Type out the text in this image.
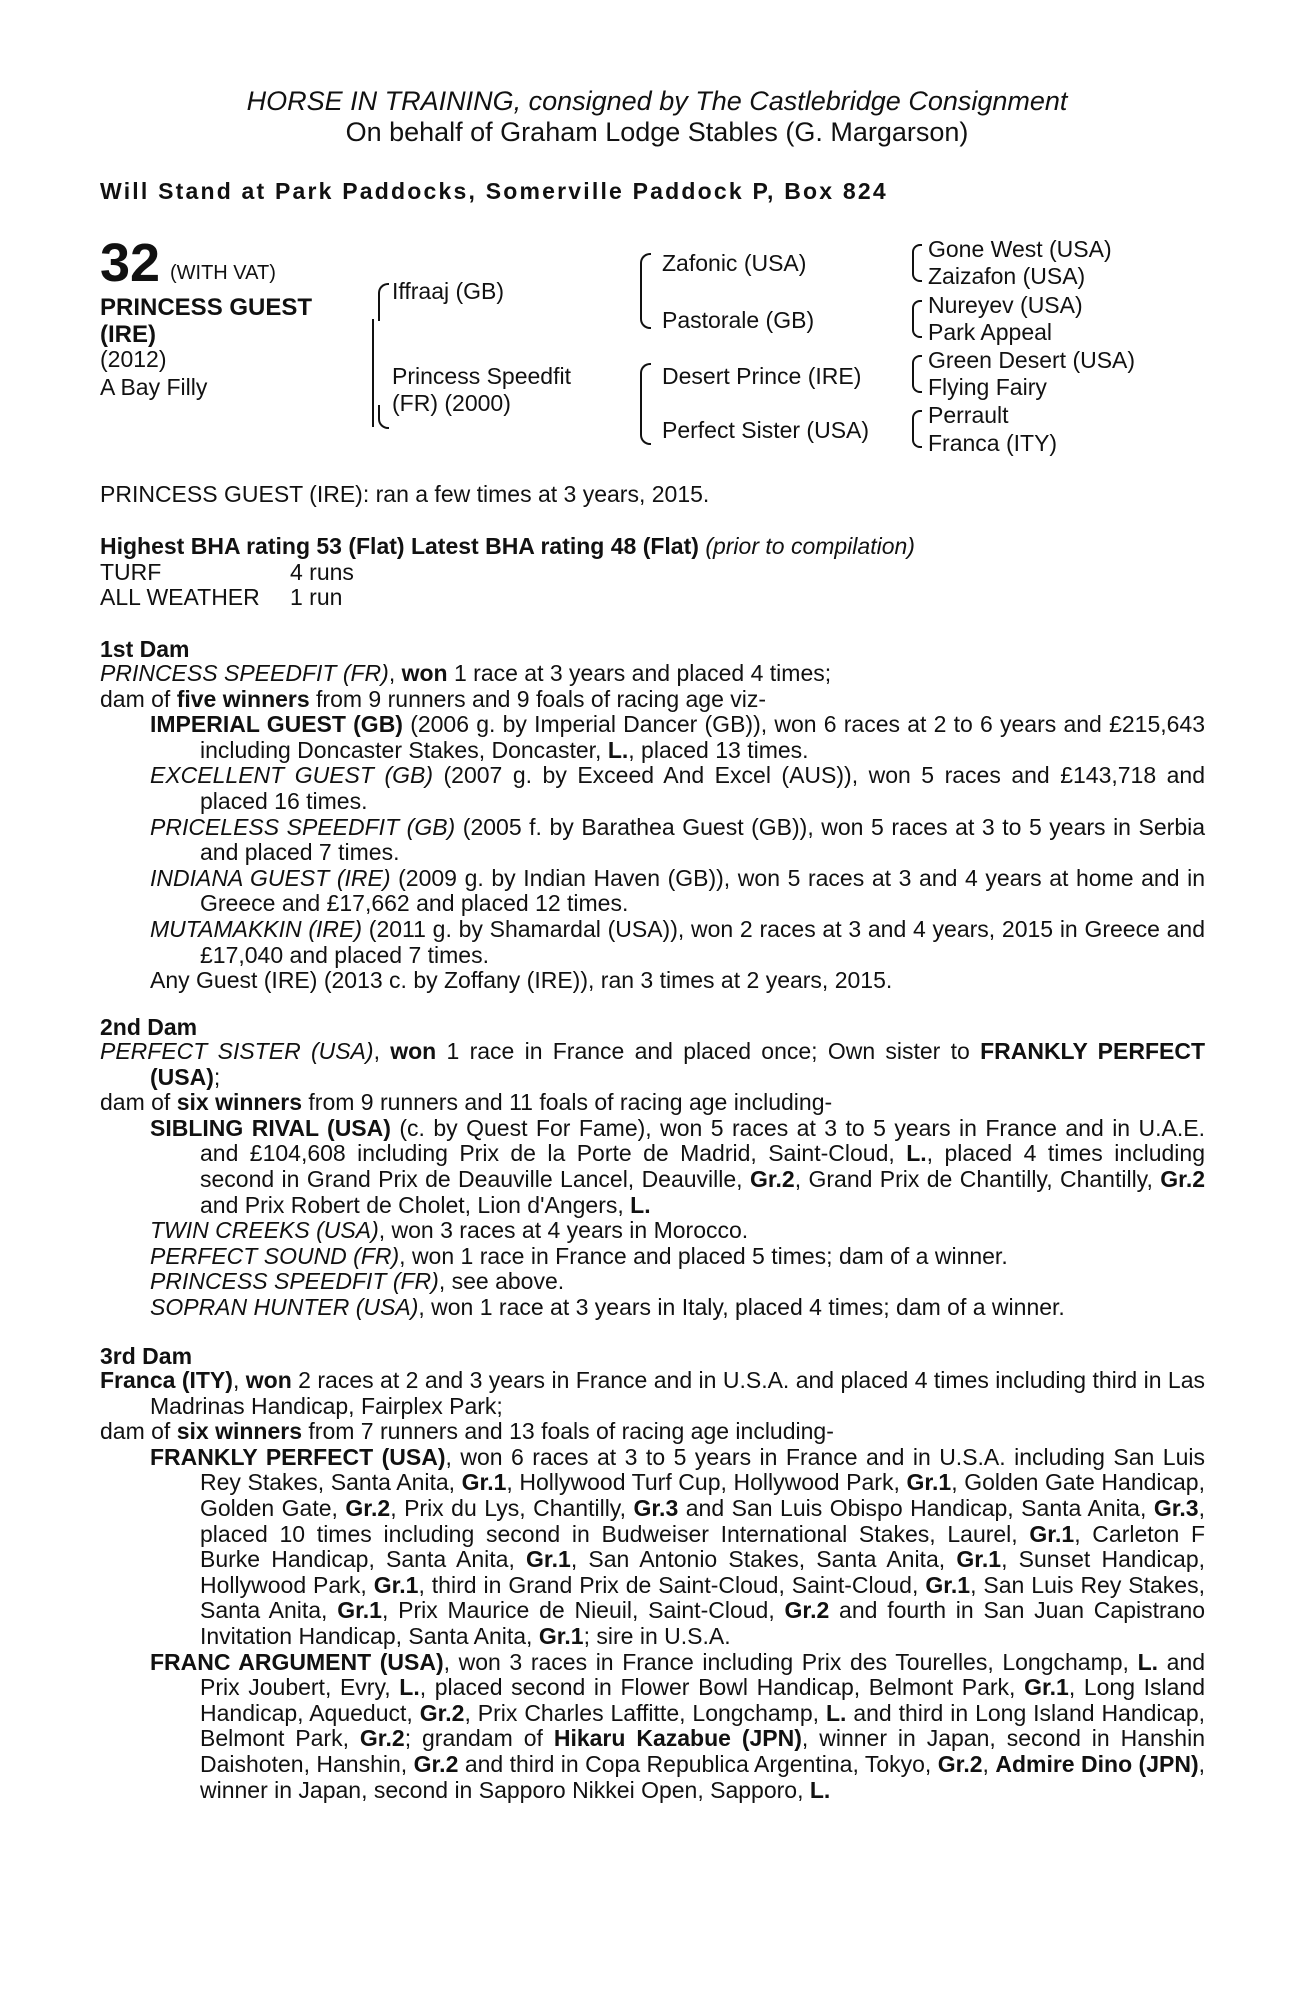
HORSE IN TRAINING, consigned by The Castlebridge Consignment
On behalf of Graham Lodge Stables (G. Margarson)
Will Stand at Park Paddocks, Somerville Paddock P, Box 824
32 (WITH VAT)
PRINCESS GUEST
(IRE)
(2012)
A Bay Filly
Iffraaj (GB)
Princess Speedfit (FR) (2000)
Zafonic (USA)
Pastorale (GB)
Desert Prince (IRE)
Perfect Sister (USA)
Gone West (USA)
Zaizafon (USA)
Nureyev (USA)
Park Appeal
Green Desert (USA)
Flying Fairy
Perrault
Franca (ITY)
PRINCESS GUEST (IRE): ran a few times at 3 years, 2015.

Highest BHA rating 53 (Flat) Latest BHA rating 48 (Flat) (prior to compilation)

TURF	4 runs
ALL WEATHER	1 run
1st Dam

PRINCESS SPEEDFIT (FR), won 1 race at 3 years and placed 4 times;

dam of five winners from 9 runners and 9 foals of racing age viz-

IMPERIAL GUEST (GB) (2006 g. by Imperial Dancer (GB)), won 6 races at 2 to 6 years and £215,643 including Doncaster Stakes, Doncaster, L., placed 13 times.

EXCELLENT GUEST (GB) (2007 g. by Exceed And Excel (AUS)), won 5 races and £143,718 and placed 16 times.

PRICELESS SPEEDFIT (GB) (2005 f. by Barathea Guest (GB)), won 5 races at 3 to 5 years in Serbia and placed 7 times.

INDIANA GUEST (IRE) (2009 g. by Indian Haven (GB)), won 5 races at 3 and 4 years at home and in Greece and £17,662 and placed 12 times.

MUTAMAKKIN (IRE) (2011 g. by Shamardal (USA)), won 2 races at 3 and 4 years, 2015 in Greece and £17,040 and placed 7 times.

Any Guest (IRE) (2013 c. by Zoffany (IRE)), ran 3 times at 2 years, 2015.

2nd Dam

PERFECT SISTER (USA), won 1 race in France and placed once; Own sister to FRANKLY PERFECT (USA);

dam of six winners from 9 runners and 11 foals of racing age including-

SIBLING RIVAL (USA) (c. by Quest For Fame), won 5 races at 3 to 5 years in France and in U.A.E. and £104,608 including Prix de la Porte de Madrid, Saint-Cloud, L., placed 4 times including second in Grand Prix de Deauville Lancel, Deauville, Gr.2, Grand Prix de Chantilly, Chantilly, Gr.2 and Prix Robert de Cholet, Lion d'Angers, L.

TWIN CREEKS (USA), won 3 races at 4 years in Morocco.

PERFECT SOUND (FR), won 1 race in France and placed 5 times; dam of a winner.

PRINCESS SPEEDFIT (FR), see above.

SOPRAN HUNTER (USA), won 1 race at 3 years in Italy, placed 4 times; dam of a winner.

3rd Dam

Franca (ITY), won 2 races at 2 and 3 years in France and in U.S.A. and placed 4 times including third in Las Madrinas Handicap, Fairplex Park;

dam of six winners from 7 runners and 13 foals of racing age including-

FRANKLY PERFECT (USA), won 6 races at 3 to 5 years in France and in U.S.A. including San Luis Rey Stakes, Santa Anita, Gr.1, Hollywood Turf Cup, Hollywood Park, Gr.1, Golden Gate Handicap, Golden Gate, Gr.2, Prix du Lys, Chantilly, Gr.3 and San Luis Obispo Handicap, Santa Anita, Gr.3, placed 10 times including second in Budweiser International Stakes, Laurel, Gr.1, Carleton F Burke Handicap, Santa Anita, Gr.1, San Antonio Stakes, Santa Anita, Gr.1, Sunset Handicap, Hollywood Park, Gr.1, third in Grand Prix de Saint-Cloud, Saint-Cloud, Gr.1, San Luis Rey Stakes, Santa Anita, Gr.1, Prix Maurice de Nieuil, Saint-Cloud, Gr.2 and fourth in San Juan Capistrano Invitation Handicap, Santa Anita, Gr.1; sire in U.S.A.

FRANC ARGUMENT (USA), won 3 races in France including Prix des Tourelles, Longchamp, L. and Prix Joubert, Evry, L., placed second in Flower Bowl Handicap, Belmont Park, Gr.1, Long Island Handicap, Aqueduct, Gr.2, Prix Charles Laffitte, Longchamp, L. and third in Long Island Handicap, Belmont Park, Gr.2; grandam of Hikaru Kazabue (JPN), winner in Japan, second in Hanshin Daishoten, Hanshin, Gr.2 and third in Copa Republica Argentina, Tokyo, Gr.2, Admire Dino (JPN), winner in Japan, second in Sapporo Nikkei Open, Sapporo, L.
